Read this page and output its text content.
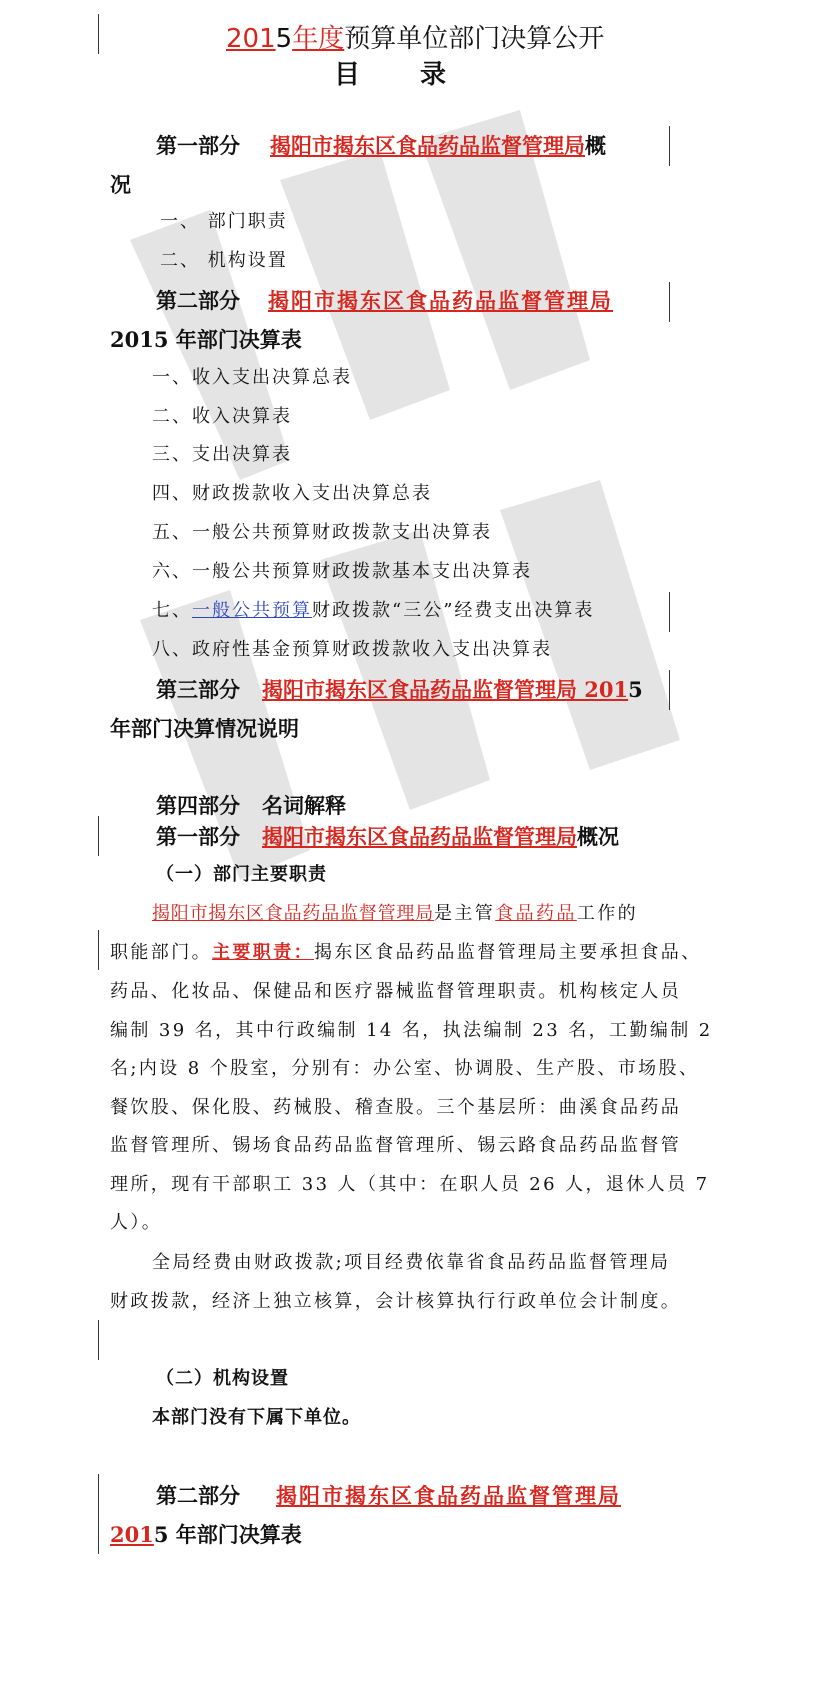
2015年度预算单位部门决算公开
目录
第一部分 揭阳市揭东区食品药品监督管理局概
况
一、 部门职责
二、 机构设置
第二部分 揭阳市揭东区食品药品监督管理局
2015 年部门决算表
一、收入支出决算总表
二、收入决算表
三、支出决算表
四、财政拨款收入支出决算总表
五、一般公共预算财政拨款支出决算表
六、一般公共预算财政拨款基本支出决算表
七、一般公共预算财政拨款“三公”经费支出决算表
八、政府性基金预算财政拨款收入支出决算表
第三部分 揭阳市揭东区食品药品监督管理局 2015
年部门决算情况说明
第四部分 名词解释
第一部分 揭阳市揭东区食品药品监督管理局概况
（一）部门主要职责
揭阳市揭东区食品药品监督管理局是主管食品药品工作的
职能部门。主要职责：揭东区食品药品监督管理局主要承担食品、
药品、化妆品、保健品和医疗器械监督管理职责。机构核定人员
编制 39 名，其中行政编制 14 名，执法编制 23 名，工勤编制 2
名;内设 8 个股室，分别有：办公室、协调股、生产股、市场股、
餐饮股、保化股、药械股、稽查股。三个基层所：曲溪食品药品
监督管理所、锡场食品药品监督管理所、锡云路食品药品监督管
理所，现有干部职工 33 人（其中：在职人员 26 人，退休人员 7
人）。
全局经费由财政拨款;项目经费依靠省食品药品监督管理局
财政拨款，经济上独立核算，会计核算执行行政单位会计制度。
（二）机构设置
本部门没有下属下单位。
第二部分 揭阳市揭东区食品药品监督管理局
2015 年部门决算表
